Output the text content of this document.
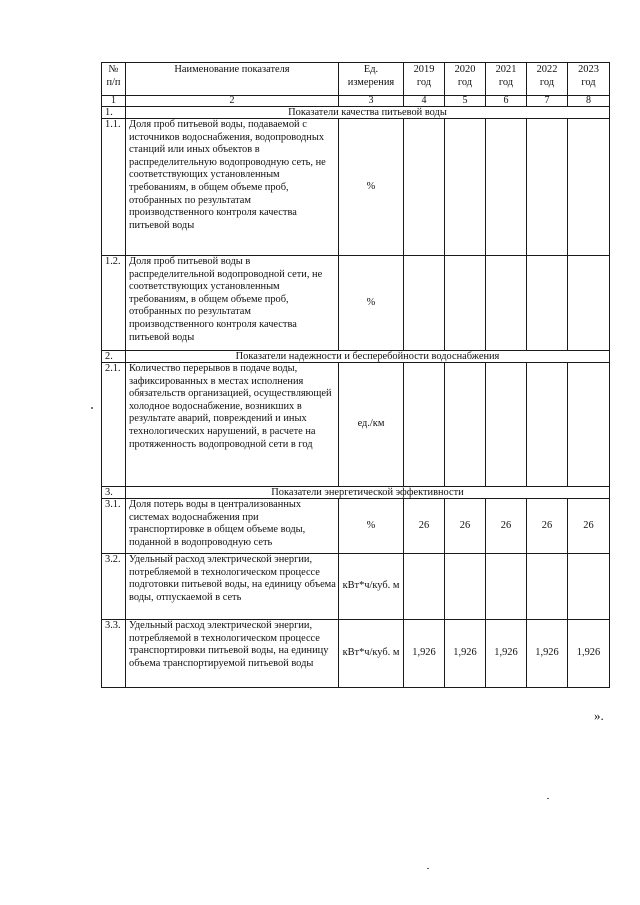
№ п/п	Наименование показателя	Ед. измерения	2019 год	2020 год	2021 год	2022 год	2023 год
1	2	3	4	5	6	7	8
1.	Показатели качества питьевой воды						
1.1.	Доля проб питьевой воды, подаваемой с источников водоснабжения, водопроводных станций или иных объектов в распределительную водопроводную сеть, не соответствующих установленным требованиям, в общем объеме проб, отобранных по результатам производственного контроля качества питьевой воды	%					
1.2.	Доля проб питьевой воды в распределительной водопроводной сети, не соответствующих установленным требованиям, в общем объеме проб, отобранных по результатам производственного контроля качества питьевой воды	%					
2.	Показатели надежности и бесперебойности водоснабжения						
2.1.	Количество перерывов в подаче воды, зафиксированных в местах исполнения обязательств организацией, осуществляющей холодное водоснабжение, возникших в результате аварий, повреждений и иных технологических нарушений, в расчете на протяженность водопроводной сети в год	ед./км					
3.	Показатели энергетической эффективности						
3.1.	Доля потерь воды в централизованных системах водоснабжения при транспортировке в общем объеме воды, поданной в водопроводную сеть	%	26	26	26	26	26
3.2.	Удельный расход электрической энергии, потребляемой в технологическом процессе подготовки питьевой воды, на единицу объема воды, отпускаемой в сеть	кВт*ч/куб. м					
3.3.	Удельный расход электрической энергии, потребляемой в технологическом процессе транспортировки питьевой воды, на единицу объема транспортируемой питьевой воды	кВт*ч/куб. м	1,926	1,926	1,926	1,926	1,926
».
